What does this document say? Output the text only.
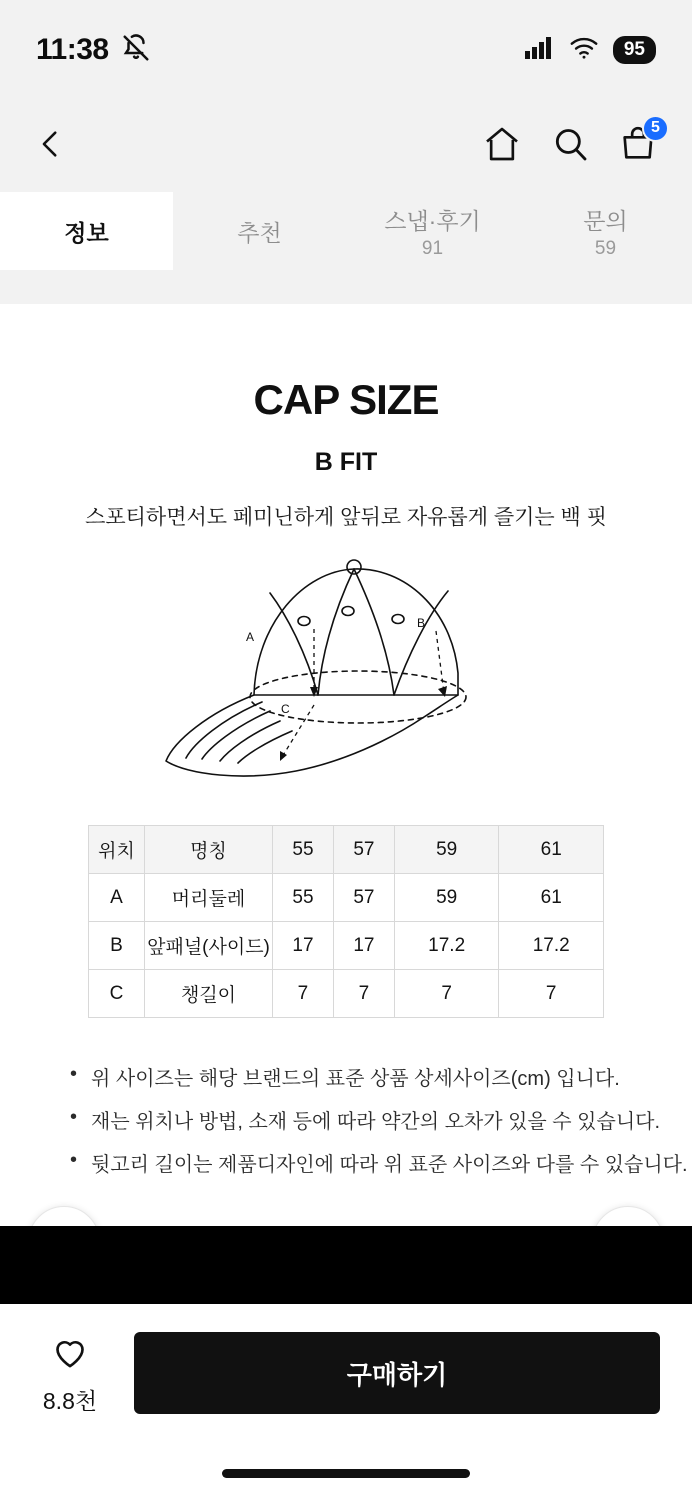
11:38	95
5
정보	추천	스냅·후기
91
문의
59
CAP SIZE
B FIT
스포티하면서도 페미닌하게 앞뒤로 자유롭게 즐기는 백 핏
A
B
C
위치	명칭	55	57	59	61
A	머리둘레	55	57	59	61
B	앞패널(사이드)	17	17	17.2	17.2
C	챙길이	7	7	7	7
• 위 사이즈는 해당 브랜드의 표준 상품 상세사이즈(cm) 입니다.
• 재는 위치나 방법, 소재 등에 따라 약간의 오차가 있을 수 있습니다.
• 뒷고리 길이는 제품디자인에 따라 위 표준 사이즈와 다를 수 있습니다.
8.8천
구매하기
